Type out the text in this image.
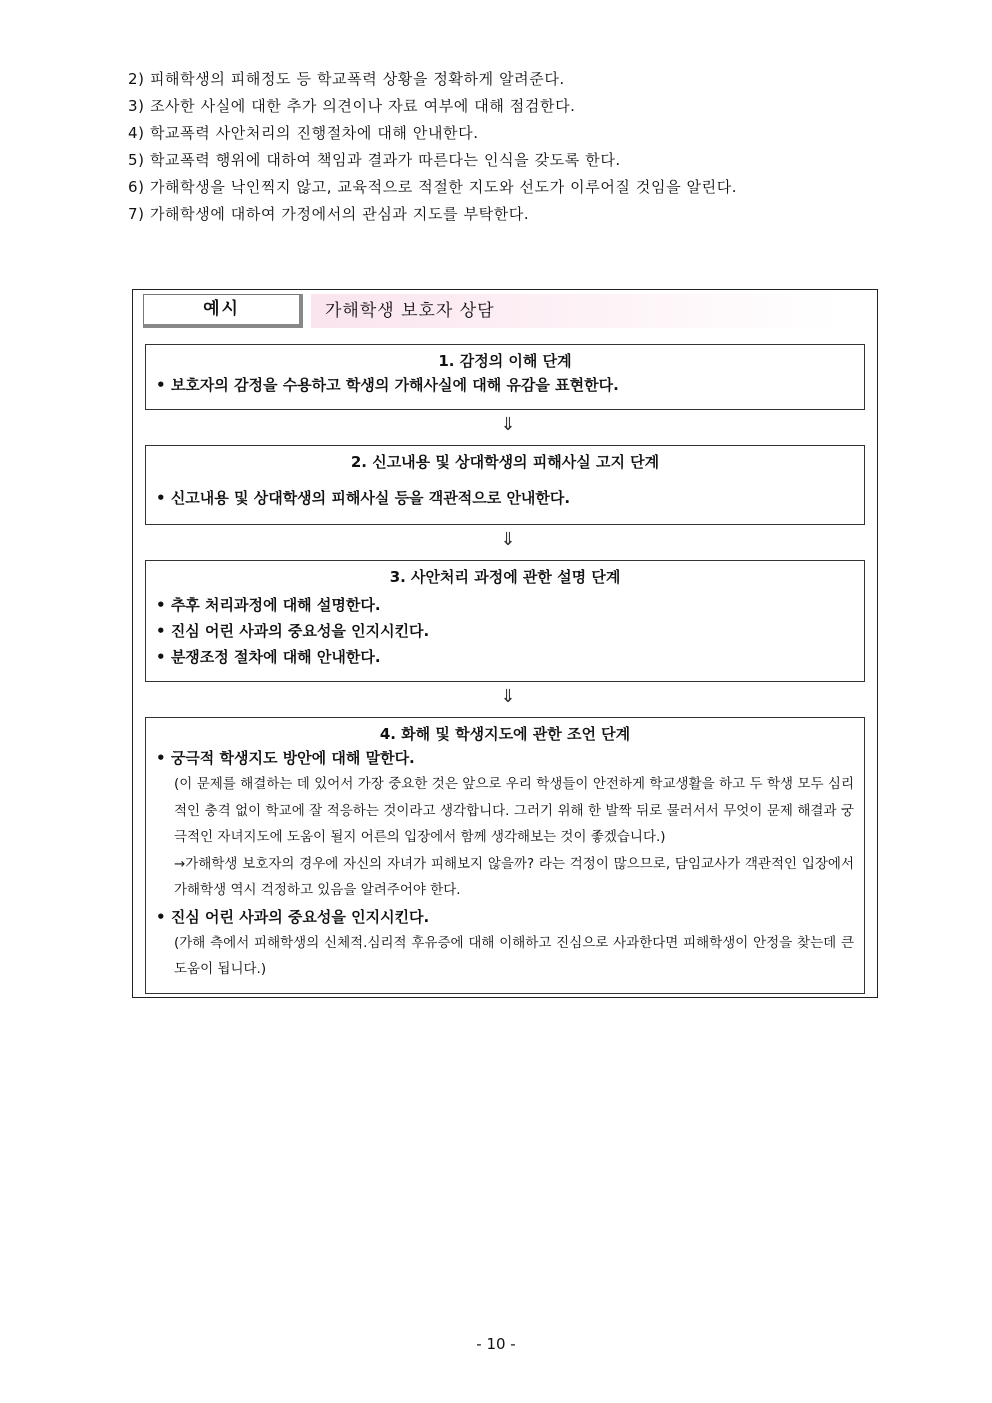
2) 피해학생의 피해정도 등 학교폭력 상황을 정확하게 알려준다.
3) 조사한 사실에 대한 추가 의견이나 자료 여부에 대해 점검한다.
4) 학교폭력 사안처리의 진행절차에 대해 안내한다.
5) 학교폭력 행위에 대하여 책임과 결과가 따른다는 인식을 갖도록 한다.
6) 가해학생을 낙인찍지 않고, 교육적으로 적절한 지도와 선도가 이루어질 것임을 알린다.
7) 가해학생에 대하여 가정에서의 관심과 지도를 부탁한다.
예시	가해학생 보호자 상담
1. 감정의 이해 단계
• 보호자의 감정을 수용하고 학생의 가해사실에 대해 유감을 표현한다.
⇓
2. 신고내용 및 상대학생의 피해사실 고지 단계
• 신고내용 및 상대학생의 피해사실 등을 객관적으로 안내한다.
⇓
3. 사안처리 과정에 관한 설명 단계
• 추후 처리과정에 대해 설명한다.
• 진심 어린 사과의 중요성을 인지시킨다.
• 분쟁조정 절차에 대해 안내한다.
⇓
4. 화해 및 학생지도에 관한 조언 단계
• 궁극적 학생지도 방안에 대해 말한다.
(이 문제를 해결하는 데 있어서 가장 중요한 것은 앞으로 우리 학생들이 안전하게 학교생활을 하고 두 학생 모두 심리적인 충격 없이 학교에 잘 적응하는 것이라고 생각합니다. 그러기 위해 한 발짝 뒤로 물러서서 무엇이 문제 해결과 궁극적인 자녀지도에 도움이 될지 어른의 입장에서 함께 생각해보는 것이 좋겠습니다.)
→가해학생 보호자의 경우에 자신의 자녀가 피해보지 않을까? 라는 걱정이 많으므로, 담임교사가 객관적인 입장에서 가해학생 역시 걱정하고 있음을 알려주어야 한다.
• 진심 어린 사과의 중요성을 인지시킨다.
(가해 측에서 피해학생의 신체적.심리적 후유증에 대해 이해하고 진심으로 사과한다면 피해학생이 안정을 찾는데 큰 도움이 됩니다.)
- 10 -
